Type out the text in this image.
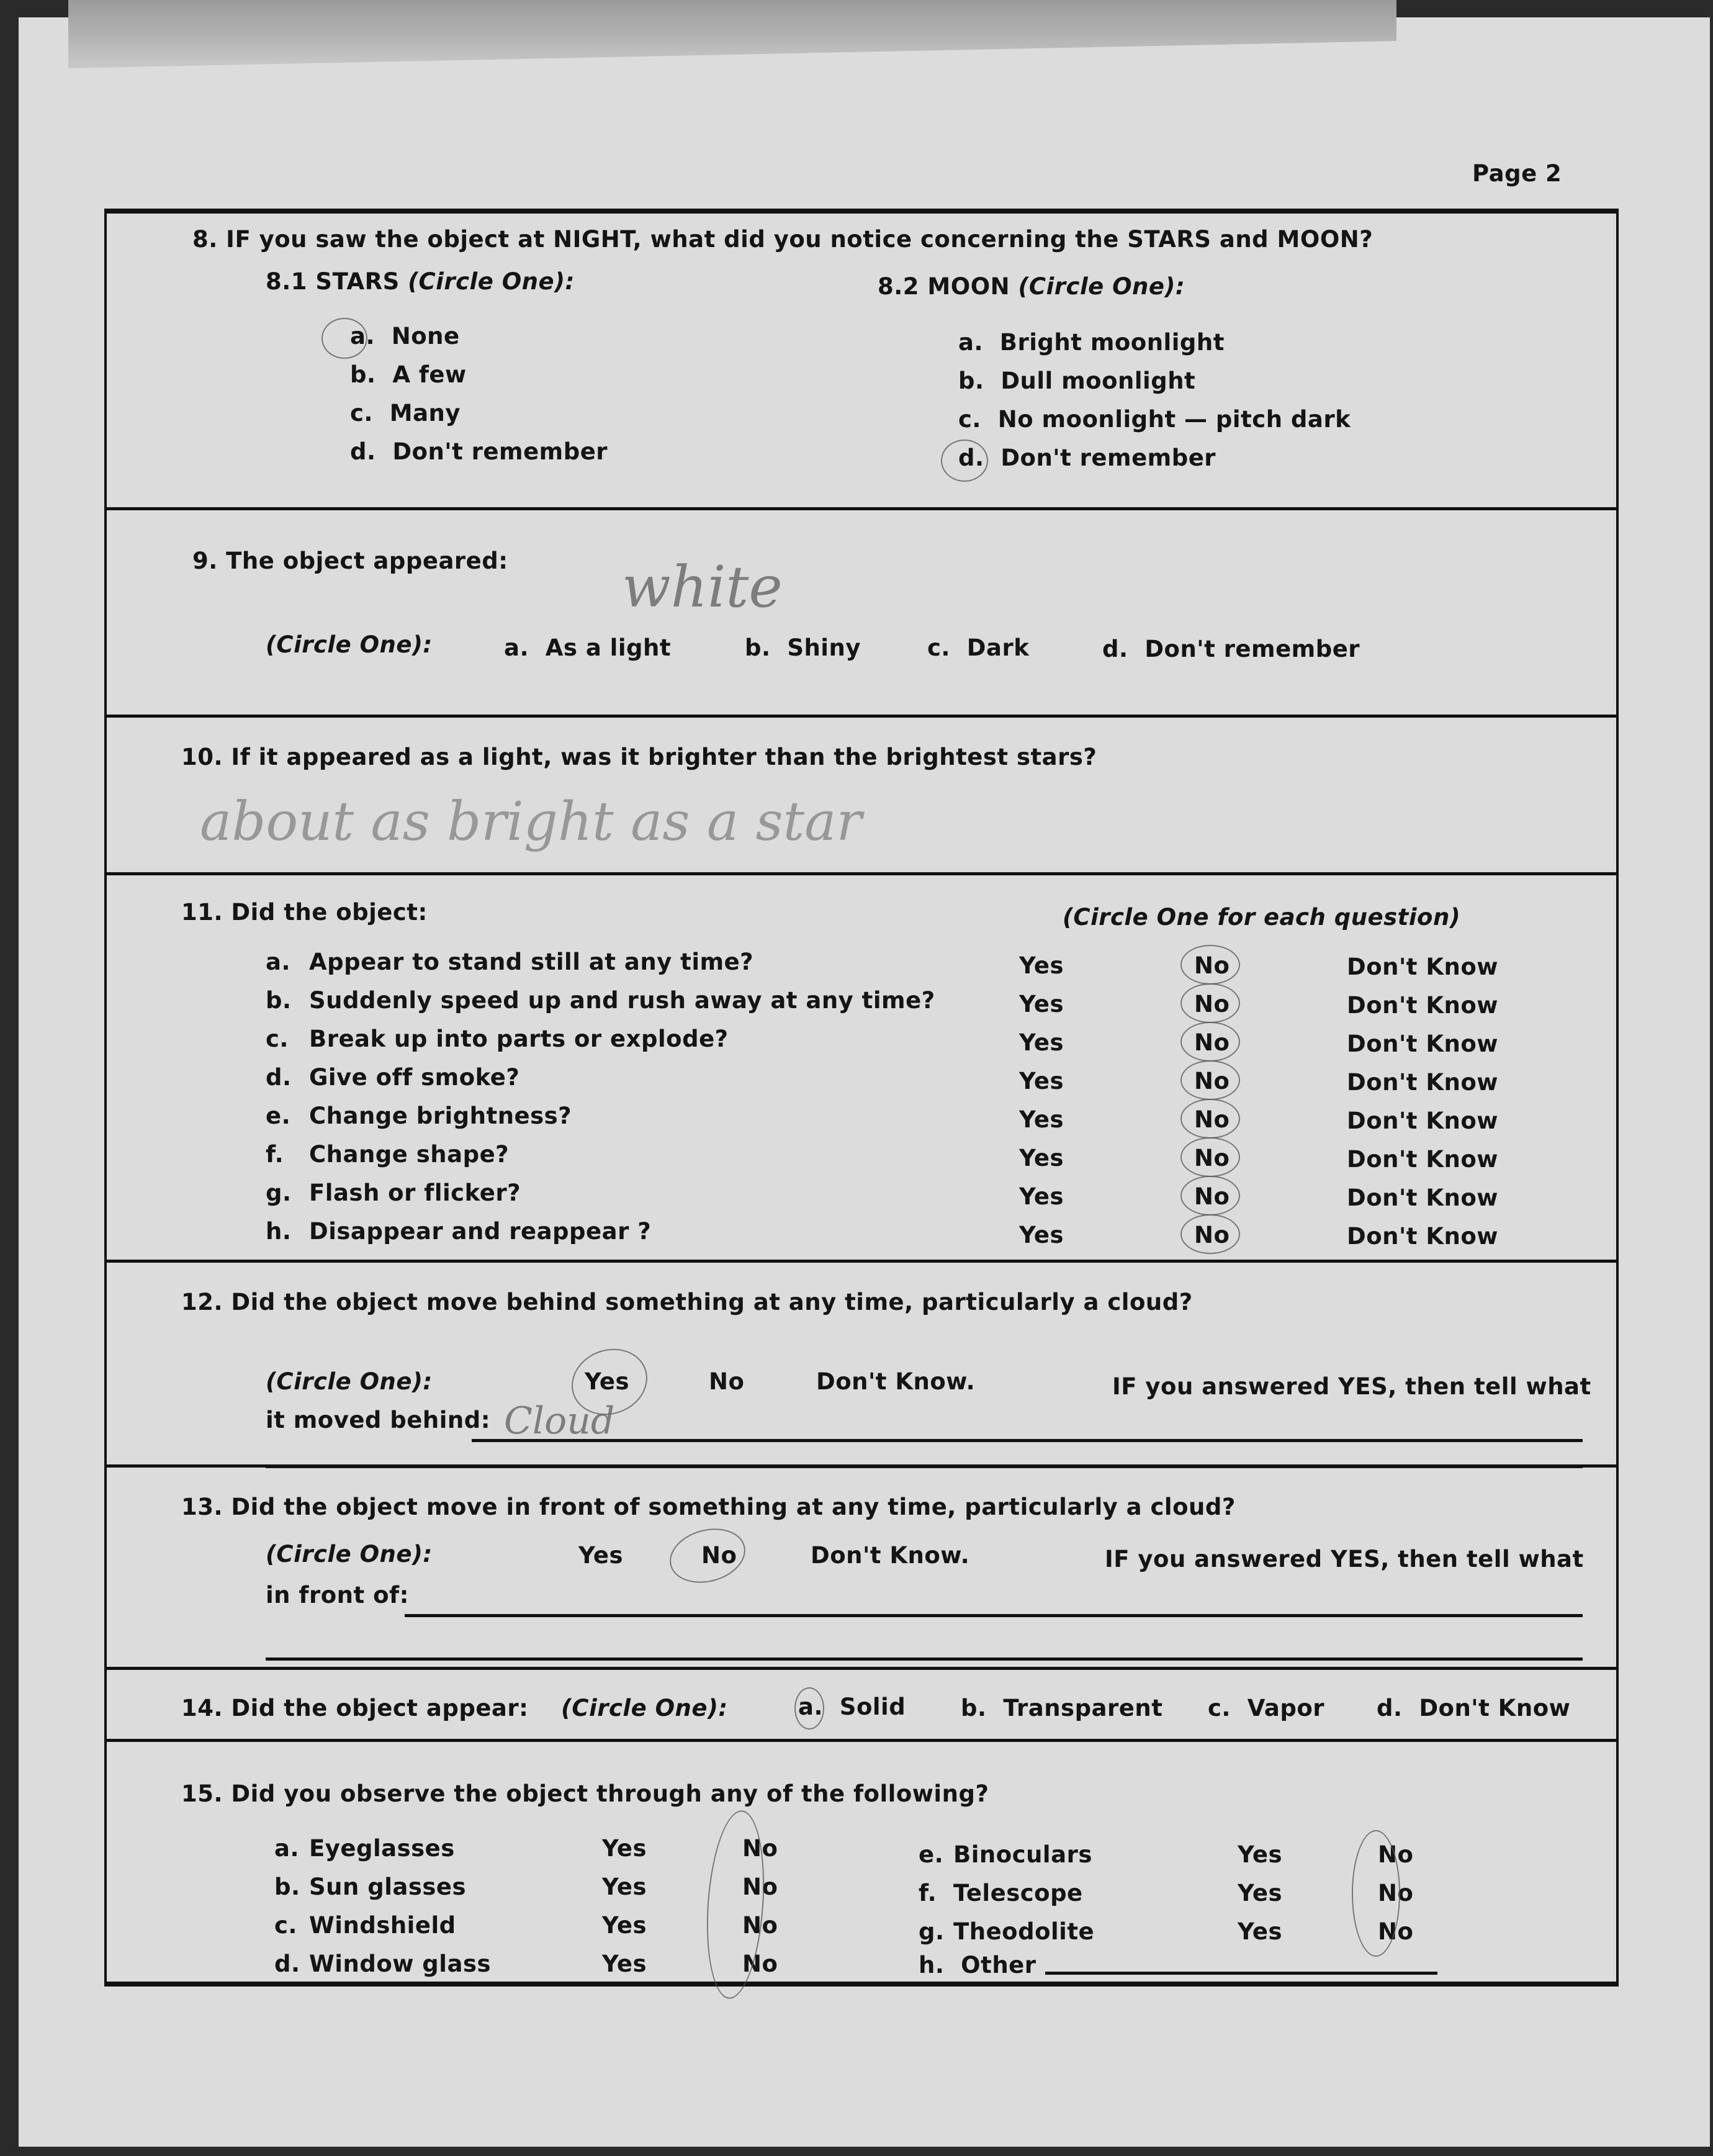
Page 2
8. IF you saw the object at NIGHT, what did you notice concerning the STARS and MOON?
8.1 STARS (Circle One):	8.2 MOON (Circle One):
a. None
b. A few
c. Many
d. Don't remember
a. Bright moonlight
b. Dull moonlight
c. No moonlight — pitch dark
d. Don't remember
9. The object appeared: white
(Circle One):	a. As a light	b. Shiny	c. Dark	d. Don't remember
10. If it appeared as a light, was it brighter than the brightest stars?
about as bright as a star
11. Did the object:	(Circle One for each question)
a. Appear to stand still at any time?	Yes	No	Don't Know
b. Suddenly speed up and rush away at any time?	Yes	No	Don't Know
c. Break up into parts or explode?	Yes	No	Don't Know
d. Give off smoke?	Yes	No	Don't Know
e. Change brightness?	Yes	No	Don't Know
f. Change shape?	Yes	No	Don't Know
g. Flash or flicker?	Yes	No	Don't Know
h. Disappear and reappear ?	Yes	No	Don't Know
12. Did the object move behind something at any time, particularly a cloud?
(Circle One):	Yes	No	Don't Know.	IF you answered YES, then tell what
it moved behind: Cloud
13. Did the object move in front of something at any time, particularly a cloud?
(Circle One):	Yes	No	Don't Know.	IF you answered YES, then tell what
in front of:
14. Did the object appear: (Circle One):	a. Solid b. Transparent c. Vapor d. Don't Know
15. Did you observe the object through any of the following?
a. Eyeglasses	Yes	No
b. Sun glasses	Yes	No
c. Windshield	Yes	No
d. Window glass	Yes	No
e. Binoculars	Yes	No
f. Telescope	Yes	No
g. Theodolite	Yes	No
h. Other
